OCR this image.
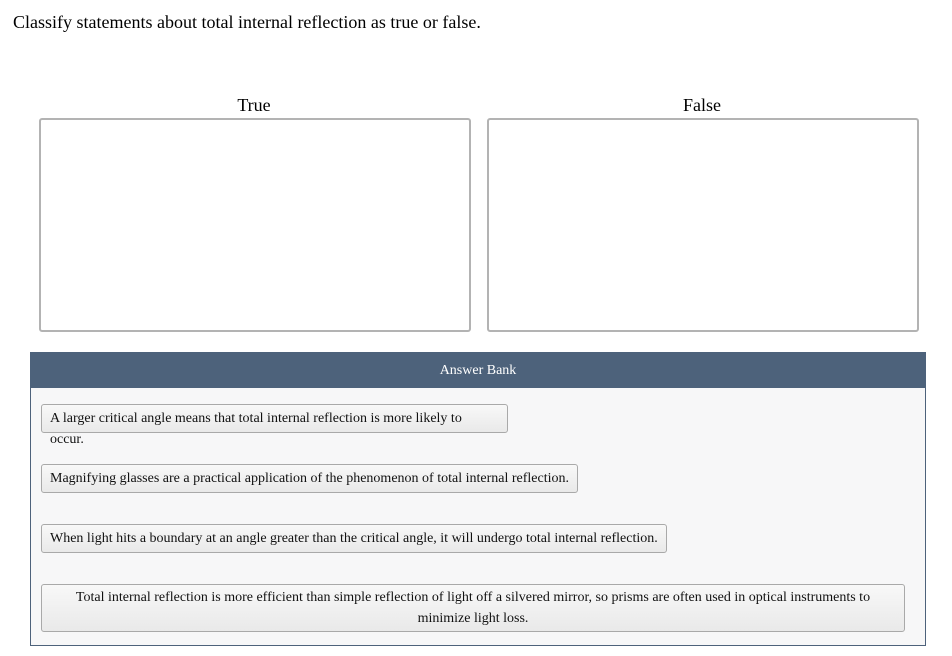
Classify statements about total internal reflection as true or false.

True	False
Answer Bank
A larger critical angle means that total internal reflection is more likely to occur.
Magnifying glasses are a practical application of the phenomenon of total internal reflection.
When light hits a boundary at an angle greater than the critical angle, it will undergo total internal reflection.
Total internal reflection is more efficient than simple reflection of light off a silvered mirror, so prisms are often used in optical instruments to minimize light loss.
